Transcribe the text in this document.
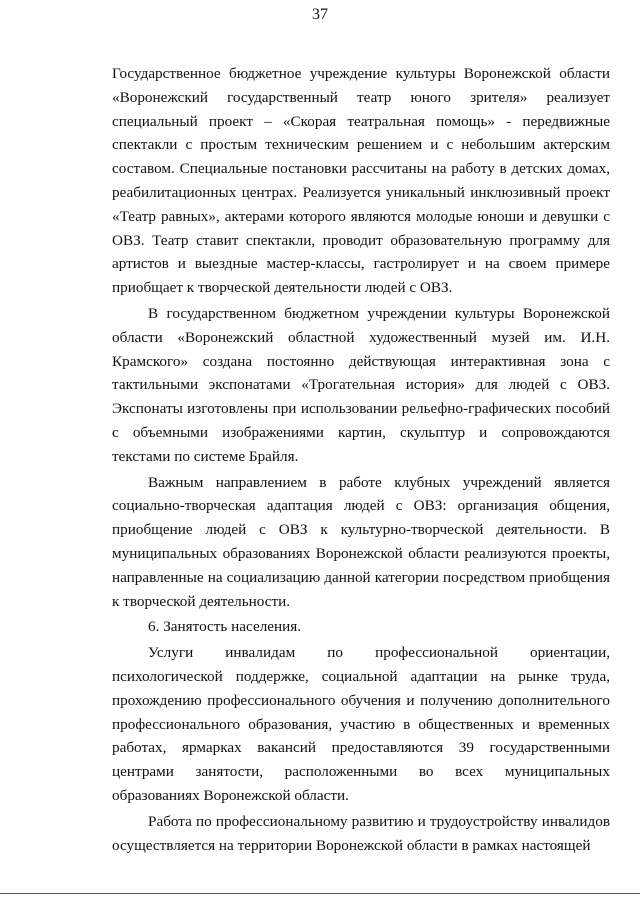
37

Государственное бюджетное учреждение культуры Воронежской области «Воронежский государственный театр юного зрителя» реализует специальный проект – «Скорая театральная помощь» - передвижные спектакли с простым техническим решением и с небольшим актерским составом. Специальные постановки рассчитаны на работу в детских домах, реабилитационных центрах. Реализуется уникальный инклюзивный проект «Театр равных», актерами которого являются молодые юноши и девушки с ОВЗ. Театр ставит спектакли, проводит образовательную программу для артистов и выездные мастер-классы, гастролирует и на своем примере приобщает к творческой деятельности людей с ОВЗ.

В государственном бюджетном учреждении культуры Воронежской области «Воронежский областной художественный музей им. И.Н. Крамского» создана постоянно действующая интерактивная зона с тактильными экспонатами «Трогательная история» для людей с ОВЗ. Экспонаты изготовлены при использовании рельефно-графических пособий с объемными изображениями картин, скульптур и сопровождаются текстами по системе Брайля.

Важным направлением в работе клубных учреждений является социально-творческая адаптация людей с ОВЗ: организация общения, приобщение людей с ОВЗ к культурно-творческой деятельности. В муниципальных образованиях Воронежской области реализуются проекты, направленные на социализацию данной категории посредством приобщения к творческой деятельности.

6. Занятость населения.

Услуги инвалидам по профессиональной ориентации, психологической поддержке, социальной адаптации на рынке труда, прохождению профессионального обучения и получению дополнительного профессионального образования, участию в общественных и временных работах, ярмарках вакансий предоставляются 39 государственными центрами занятости, расположенными во всех муниципальных образованиях Воронежской области.

Работа по профессиональному развитию и трудоустройству инвалидов осуществляется на территории Воронежской области в рамках настоящей
